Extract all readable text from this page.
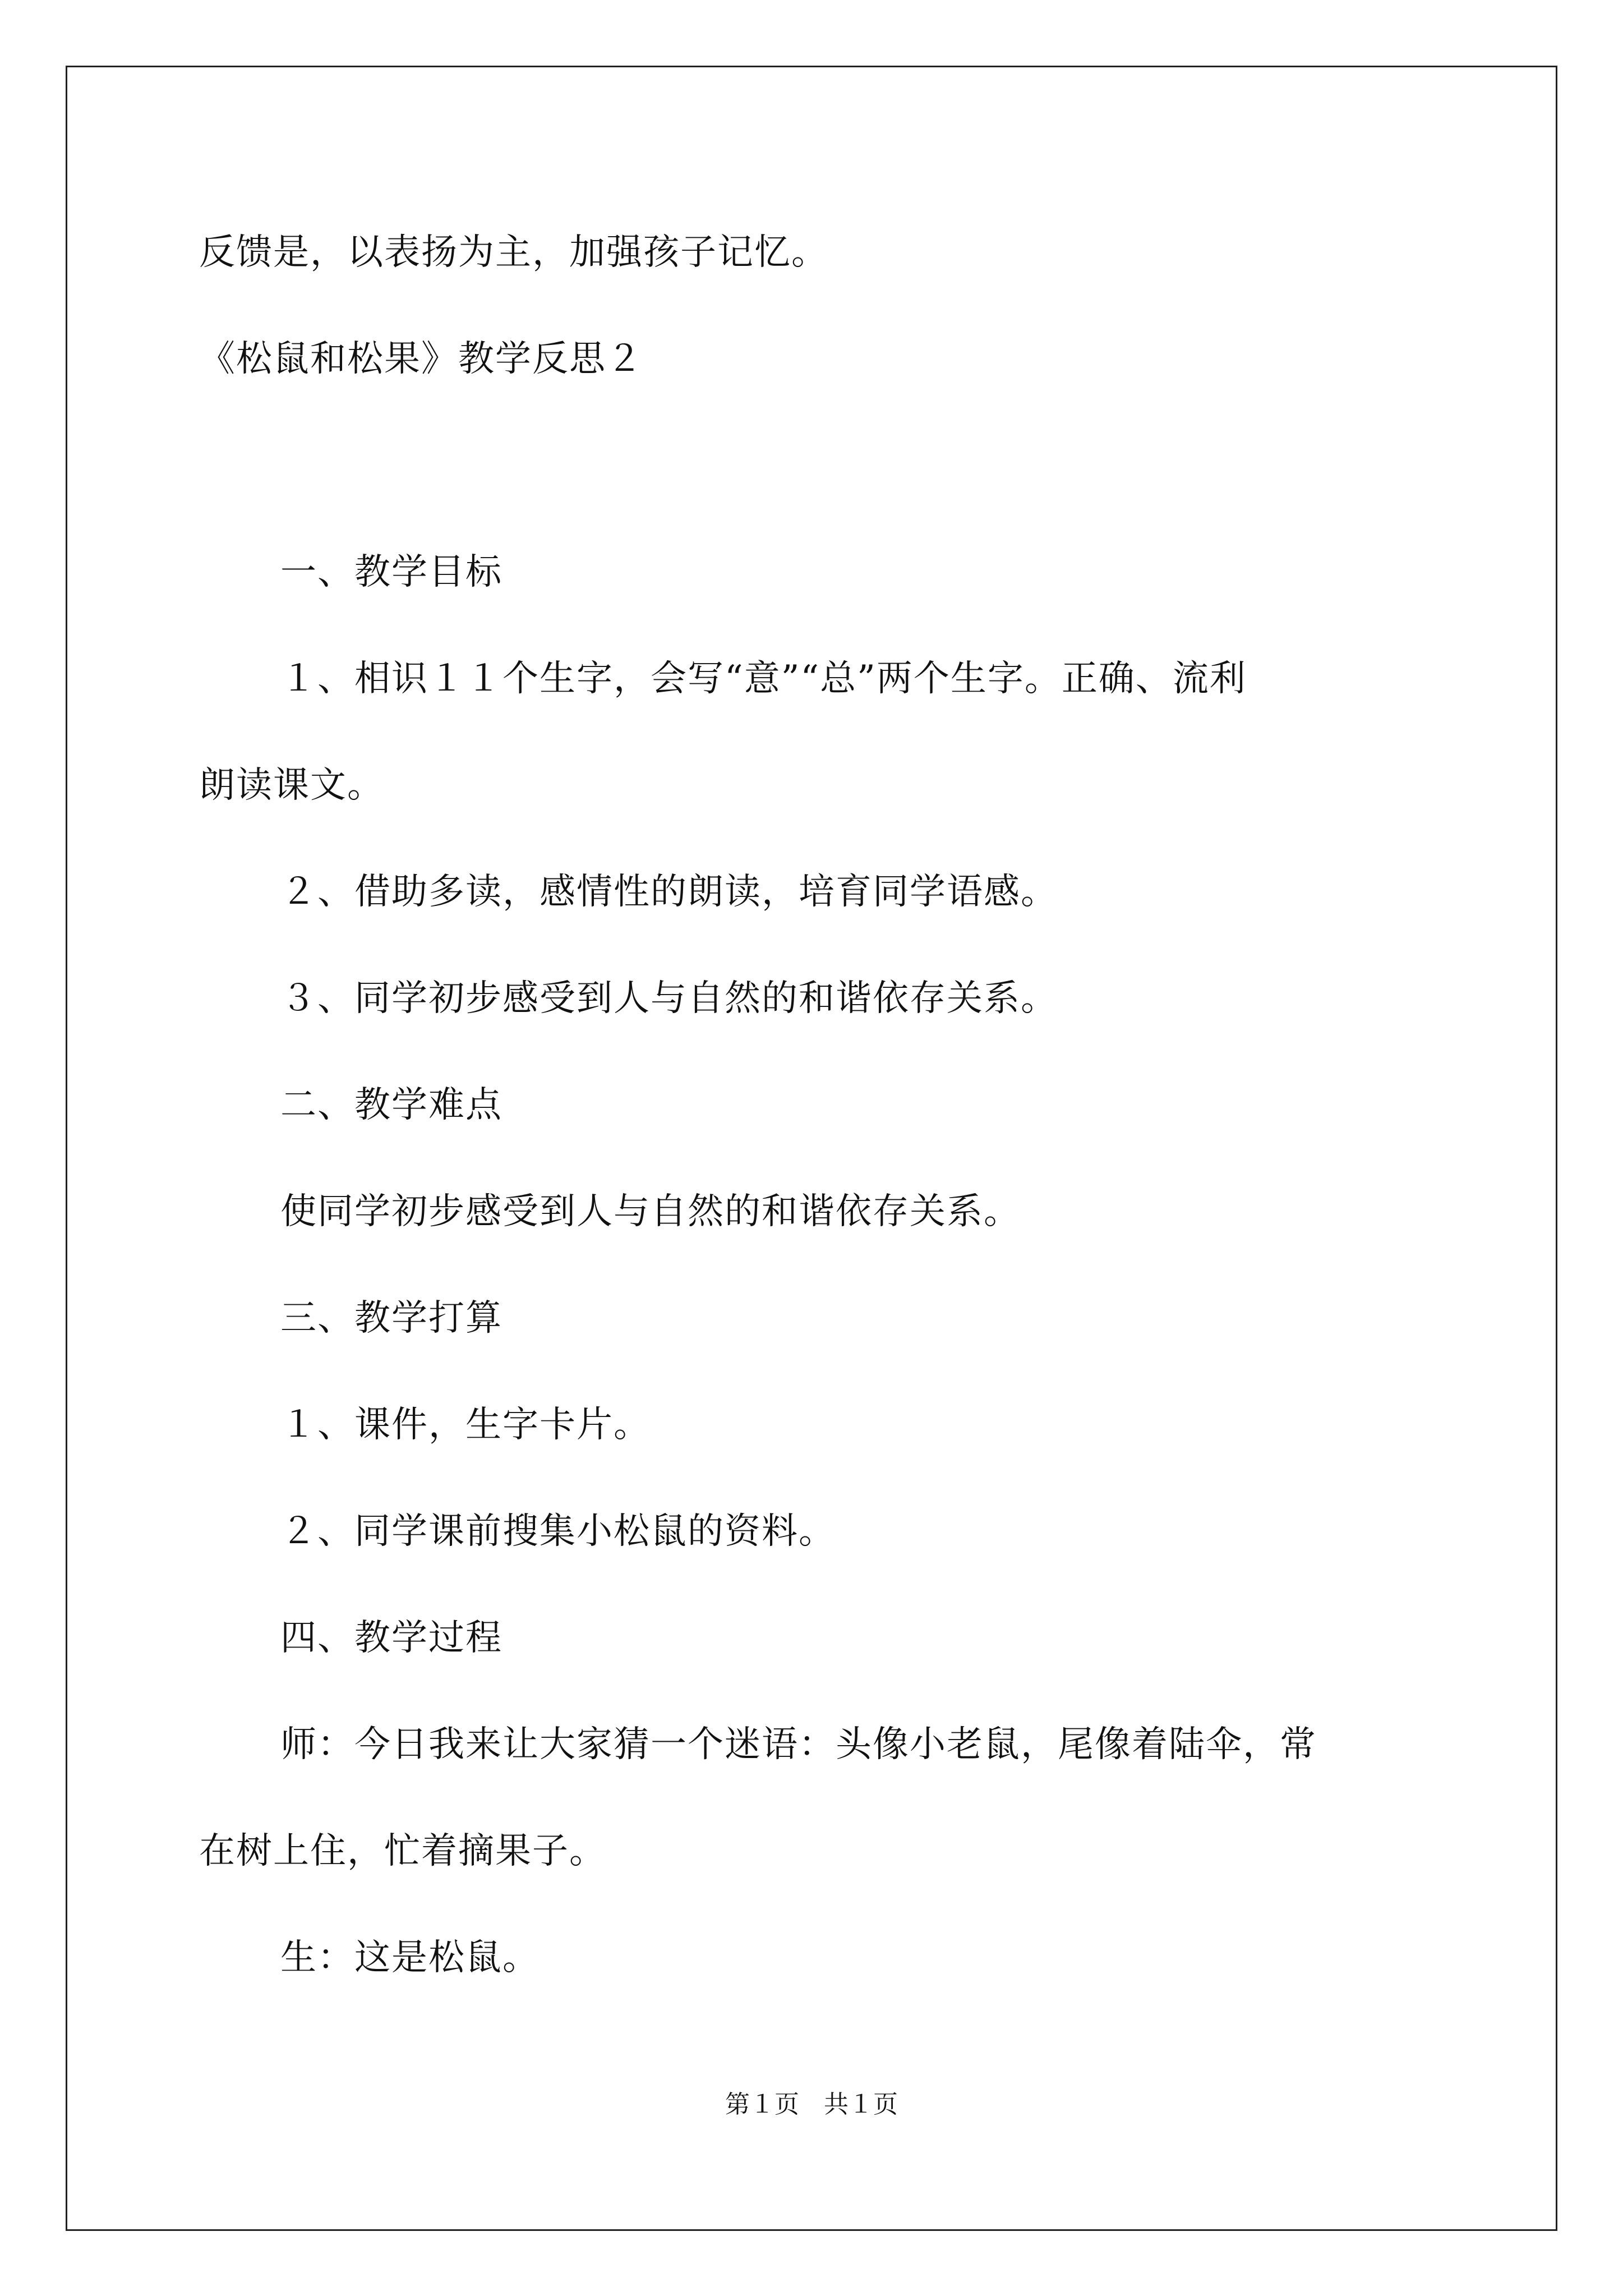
反馈是，以表扬为主，加强孩子记忆。
《松鼠和松果》教学反思２
一、教学目标
１、相识１１个生字，会写“意”“总”两个生字。正确、流利
朗读课文。
２、借助多读，感情性的朗读，培育同学语感。
３、同学初步感受到人与自然的和谐依存关系。
二、教学难点
使同学初步感受到人与自然的和谐依存关系。
三、教学打算
１、课件，生字卡片。
２、同学课前搜集小松鼠的资料。
四、教学过程
师：今日我来让大家猜一个迷语：头像小老鼠，尾像着陆伞，常
在树上住，忙着摘果子。
生：这是松鼠。
第１页　共１页
